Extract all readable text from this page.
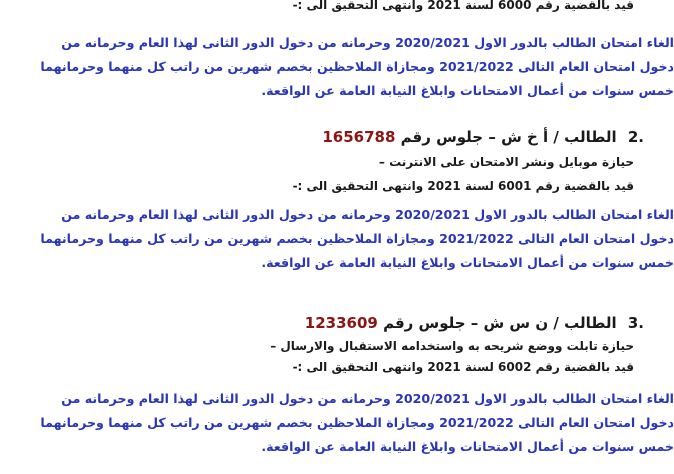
قيد بالقضية رقم 6000 لسنة 2021 وانتهى التحقيق الى :-
الغاء امتحان الطالب بالدور الاول 2020/2021 وحرمانه من دخول الدور الثانى لهذا العام وحرمانه من
دخول امتحان العام التالى 2021/2022 ومجازاة الملاحظين بخصم شهرين من راتب كل منهما وحرمانهما
خمس سنوات من أعمال الامتحانات وابلاغ النيابة العامة عن الواقعة.
2. الطالب / أ خ ش – جلوس رقم 1656788
حيازة موبايل ونشر الامتحان على الانترنت –
قيد بالقضية رقم 6001 لسنة 2021 وانتهى التحقيق الى :-
الغاء امتحان الطالب بالدور الاول 2020/2021 وحرمانه من دخول الدور الثانى لهذا العام وحرمانه من
دخول امتحان العام التالى 2021/2022 ومجازاة الملاحظين بخصم شهرين من راتب كل منهما وحرمانهما
خمس سنوات من أعمال الامتحانات وابلاغ النيابة العامة عن الواقعة.
3. الطالب / ن س ش – جلوس رقم 1233609
حيازة تابلت ووضع شريحه به واستخدامه الاستقبال والارسال –
قيد بالقضية رقم 6002 لسنة 2021 وانتهى التحقيق الى :-
الغاء امتحان الطالب بالدور الاول 2020/2021 وحرمانه من دخول الدور الثانى لهذا العام وحرمانه من
دخول امتحان العام التالى 2021/2022 ومجازاة الملاحظين بخصم شهرين من راتب كل منهما وحرمانهما
خمس سنوات من أعمال الامتحانات وابلاغ النيابة العامة عن الواقعة.
